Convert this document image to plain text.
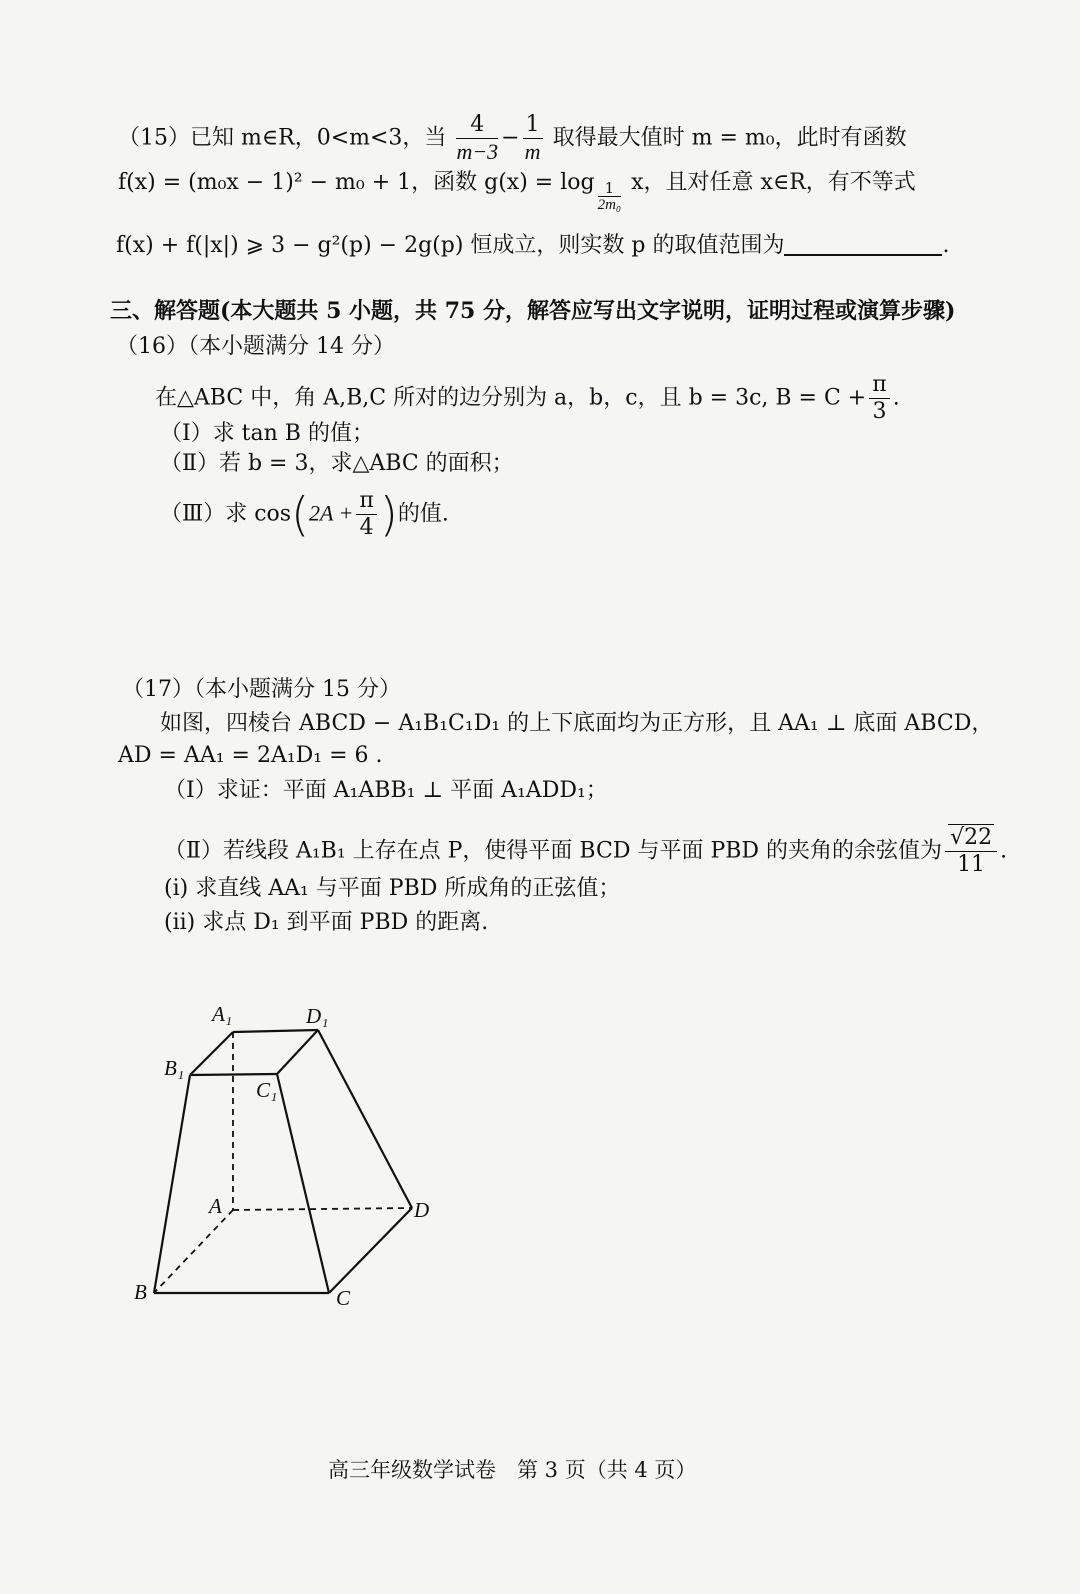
（15）已知 m∈R，0<m<3，当 $\frac{4}{m-3} - \frac{1}{m}$ 取得最大值时 m = m₀，此时有函数
f(x) = (m₀x − 1)² − m₀ + 1，函数 $g(x) = \log \frac{1}{\text{2m₀}}$ x，且对任意 x∈R，有不等式
f(x) + f(|x|) ⩾ 3 − g²(p) − 2g(p) 恒成立，则实数 p 的取值范围为	.
三、解答题(本大题共 5 小题，共 75 分，解答应写出文字说明，证明过程或演算步骤)
（16）（本小题满分 14 分）
在△ABC 中，角 A,B,C 所对的边分别为 a，b，c，且 b = 3c, $B = C + \frac{\pi}{3}$ .
（Ⅰ）求 tan B 的值；
（Ⅱ）若 b = 3，求△ABC 的面积；
（Ⅲ）求 $\cos(2A + \frac{\pi}{4}$ )的值.
（17）（本小题满分 15 分）
如图，四棱台 ABCD − A₁B₁C₁D₁ 的上下底面均为正方形，且 AA₁ ⊥ 底面 ABCD，
AD = AA₁ = 2A₁D₁ = 6 .
（Ⅰ）求证：平面 A₁ABB₁ ⊥ 平面 A₁ADD₁；
（Ⅱ）若线段 A₁B₁ 上存在点 P，使得平面 BCD 与平面 PBD 的夹角的余弦值为 $\frac{√22}{11}$ .
(i) 求直线 AA₁ 与平面 PBD 所成角的正弦值；
(ii) 求点 D₁ 到平面 PBD 的距离.
A₁	D₁
B₁
C₁
A	D
B	C
高三年级数学试卷　第 3 页（共 4 页）
